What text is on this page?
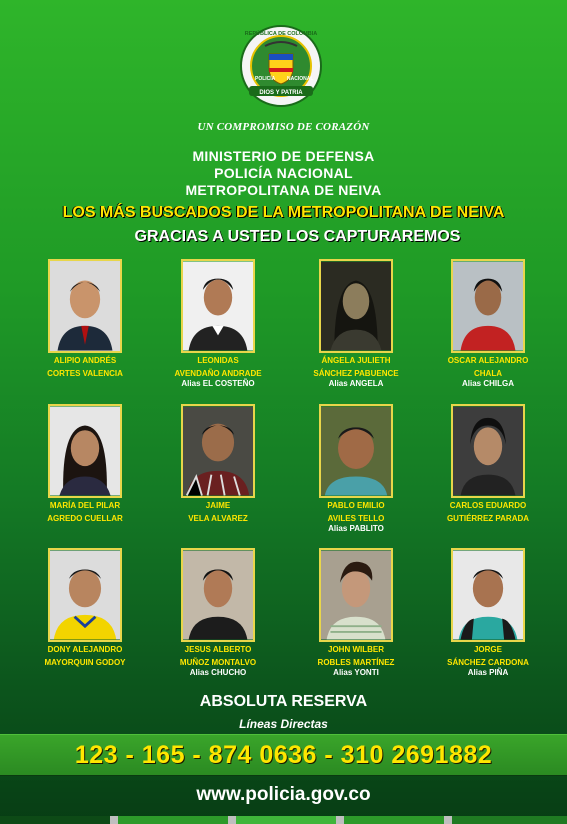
DIOS Y PATRIA
REPÚBLICA DE COLOMBIA
POLICÍA NACIONAL
UN COMPROMISO DE CORAZÓN
MINISTERIO DE DEFENSA
POLICÍA NACIONAL
METROPOLITANA DE NEIVA
LOS MÁS BUSCADOS DE LA METROPOLITANA DE NEIVA
GRACIAS A USTED LOS CAPTURAREMOS
ALIPIO ANDRÉS
CORTES VALENCIA
LEONIDAS
AVENDAÑO ANDRADE
Alias EL COSTEÑO
ÁNGELA JULIETH
SÁNCHEZ PABUENCE
Alias ANGELA
OSCAR ALEJANDRO
CHALA
Alias CHILGA
MARÍA DEL PILAR
AGREDO CUELLAR
JAIME
VELA ALVAREZ
PABLO EMILIO
AVILES TELLO
Alias PABLITO
CARLOS EDUARDO
GUTIÉRREZ PARADA
DONY ALEJANDRO
MAYORQUIN GODOY
JESUS ALBERTO
MUÑOZ MONTALVO
Alias CHUCHO
JOHN WILBER
ROBLES MARTÍNEZ
Alias YONTI
JORGE
SÁNCHEZ CARDONA
Alias PIÑA
ABSOLUTA RESERVA
Líneas Directas
123 - 165 - 874 0636 - 310 2691882
www.policia.gov.co
